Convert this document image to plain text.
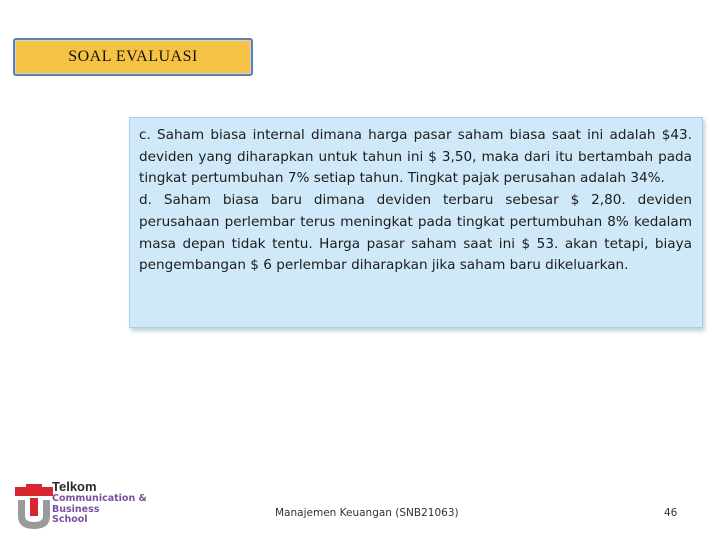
SOAL EVALUASI

c. Saham biasa internal dimana harga pasar saham biasa saat ini adalah $43. deviden yang diharapkan untuk tahun ini $ 3,50, maka dari itu bertambah pada tingkat pertumbuhan 7% setiap tahun. Tingkat pajak perusahan adalah 34%.

d. Saham biasa baru dimana deviden terbaru sebesar $ 2,80. deviden perusahaan perlembar terus meningkat pada tingkat pertumbuhan 8% kedalam masa depan tidak tentu. Harga pasar saham saat ini $ 53. akan tetapi, biaya pengembangan $ 6 perlembar diharapkan jika saham baru dikeluarkan.

Telkom
Communication &
Business
School
Manajemen Keuangan (SNB21063)	46
